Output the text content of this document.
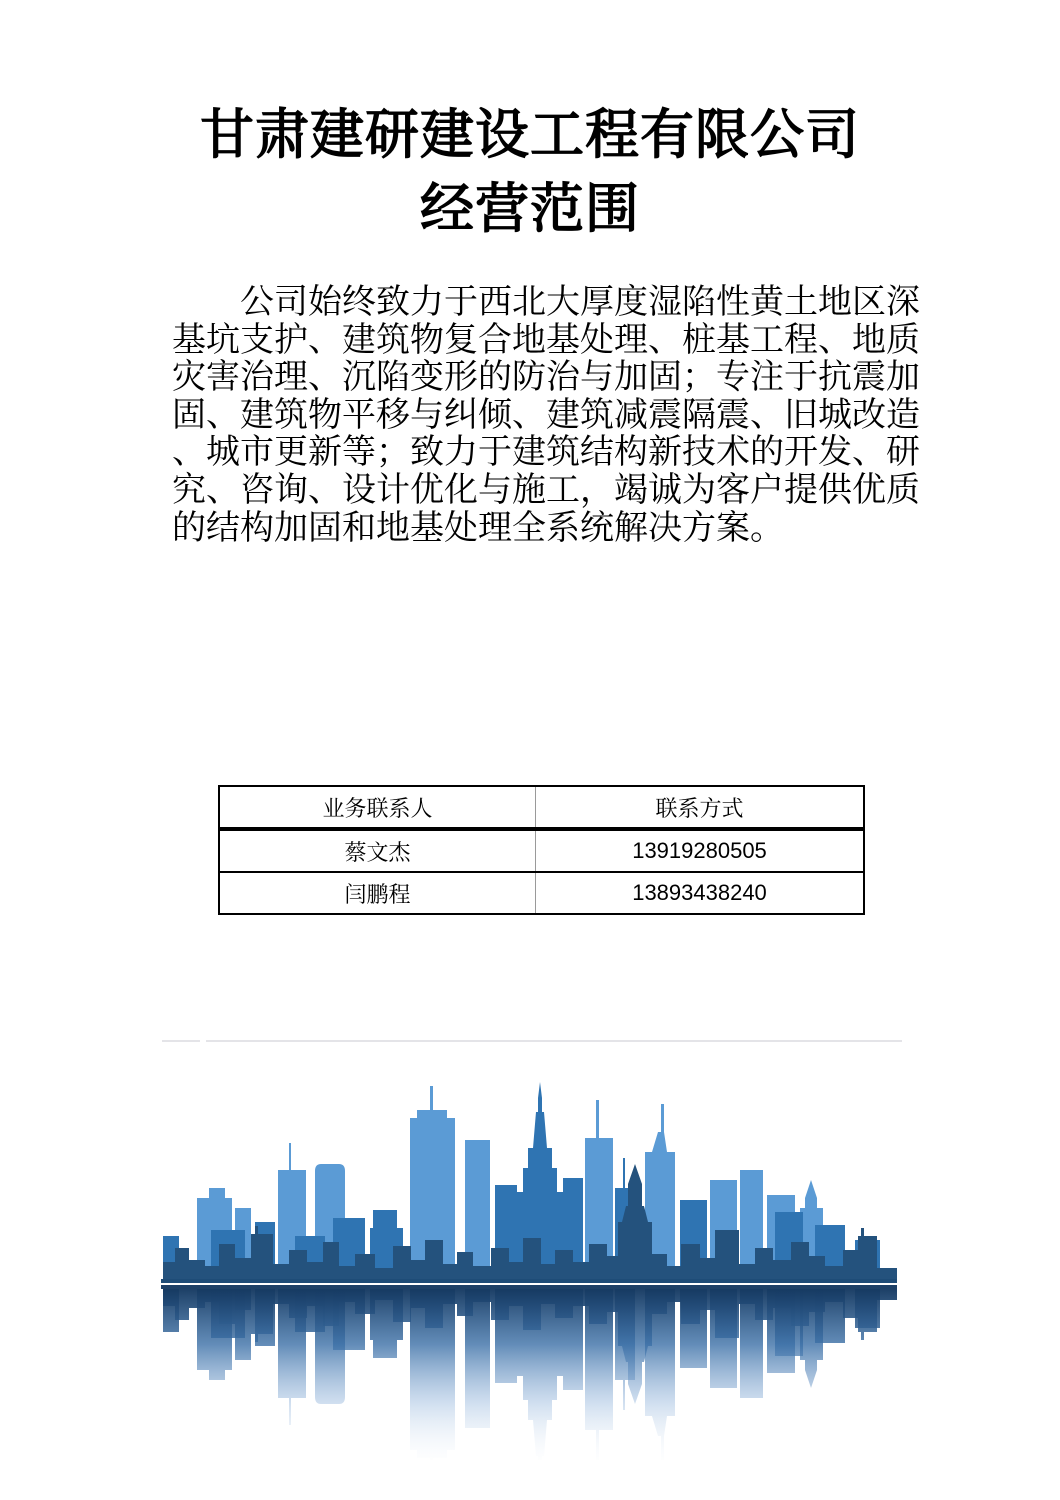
甘肃建研建设工程有限公司
经营范围
公司始终致力于西北大厚度湿陷性黄土地区深
基坑支护、建筑物复合地基处理、桩基工程、地质
灾害治理、沉陷变形的防治与加固；专注于抗震加
固、建筑物平移与纠倾、建筑减震隔震、旧城改造
、城市更新等；致力于建筑结构新技术的开发、研
究、咨询、设计优化与施工，竭诚为客户提供优质
的结构加固和地基处理全系统解决方案。
业务联系人	联系方式
蔡文杰	13919280505
闫鹏程	13893438240
